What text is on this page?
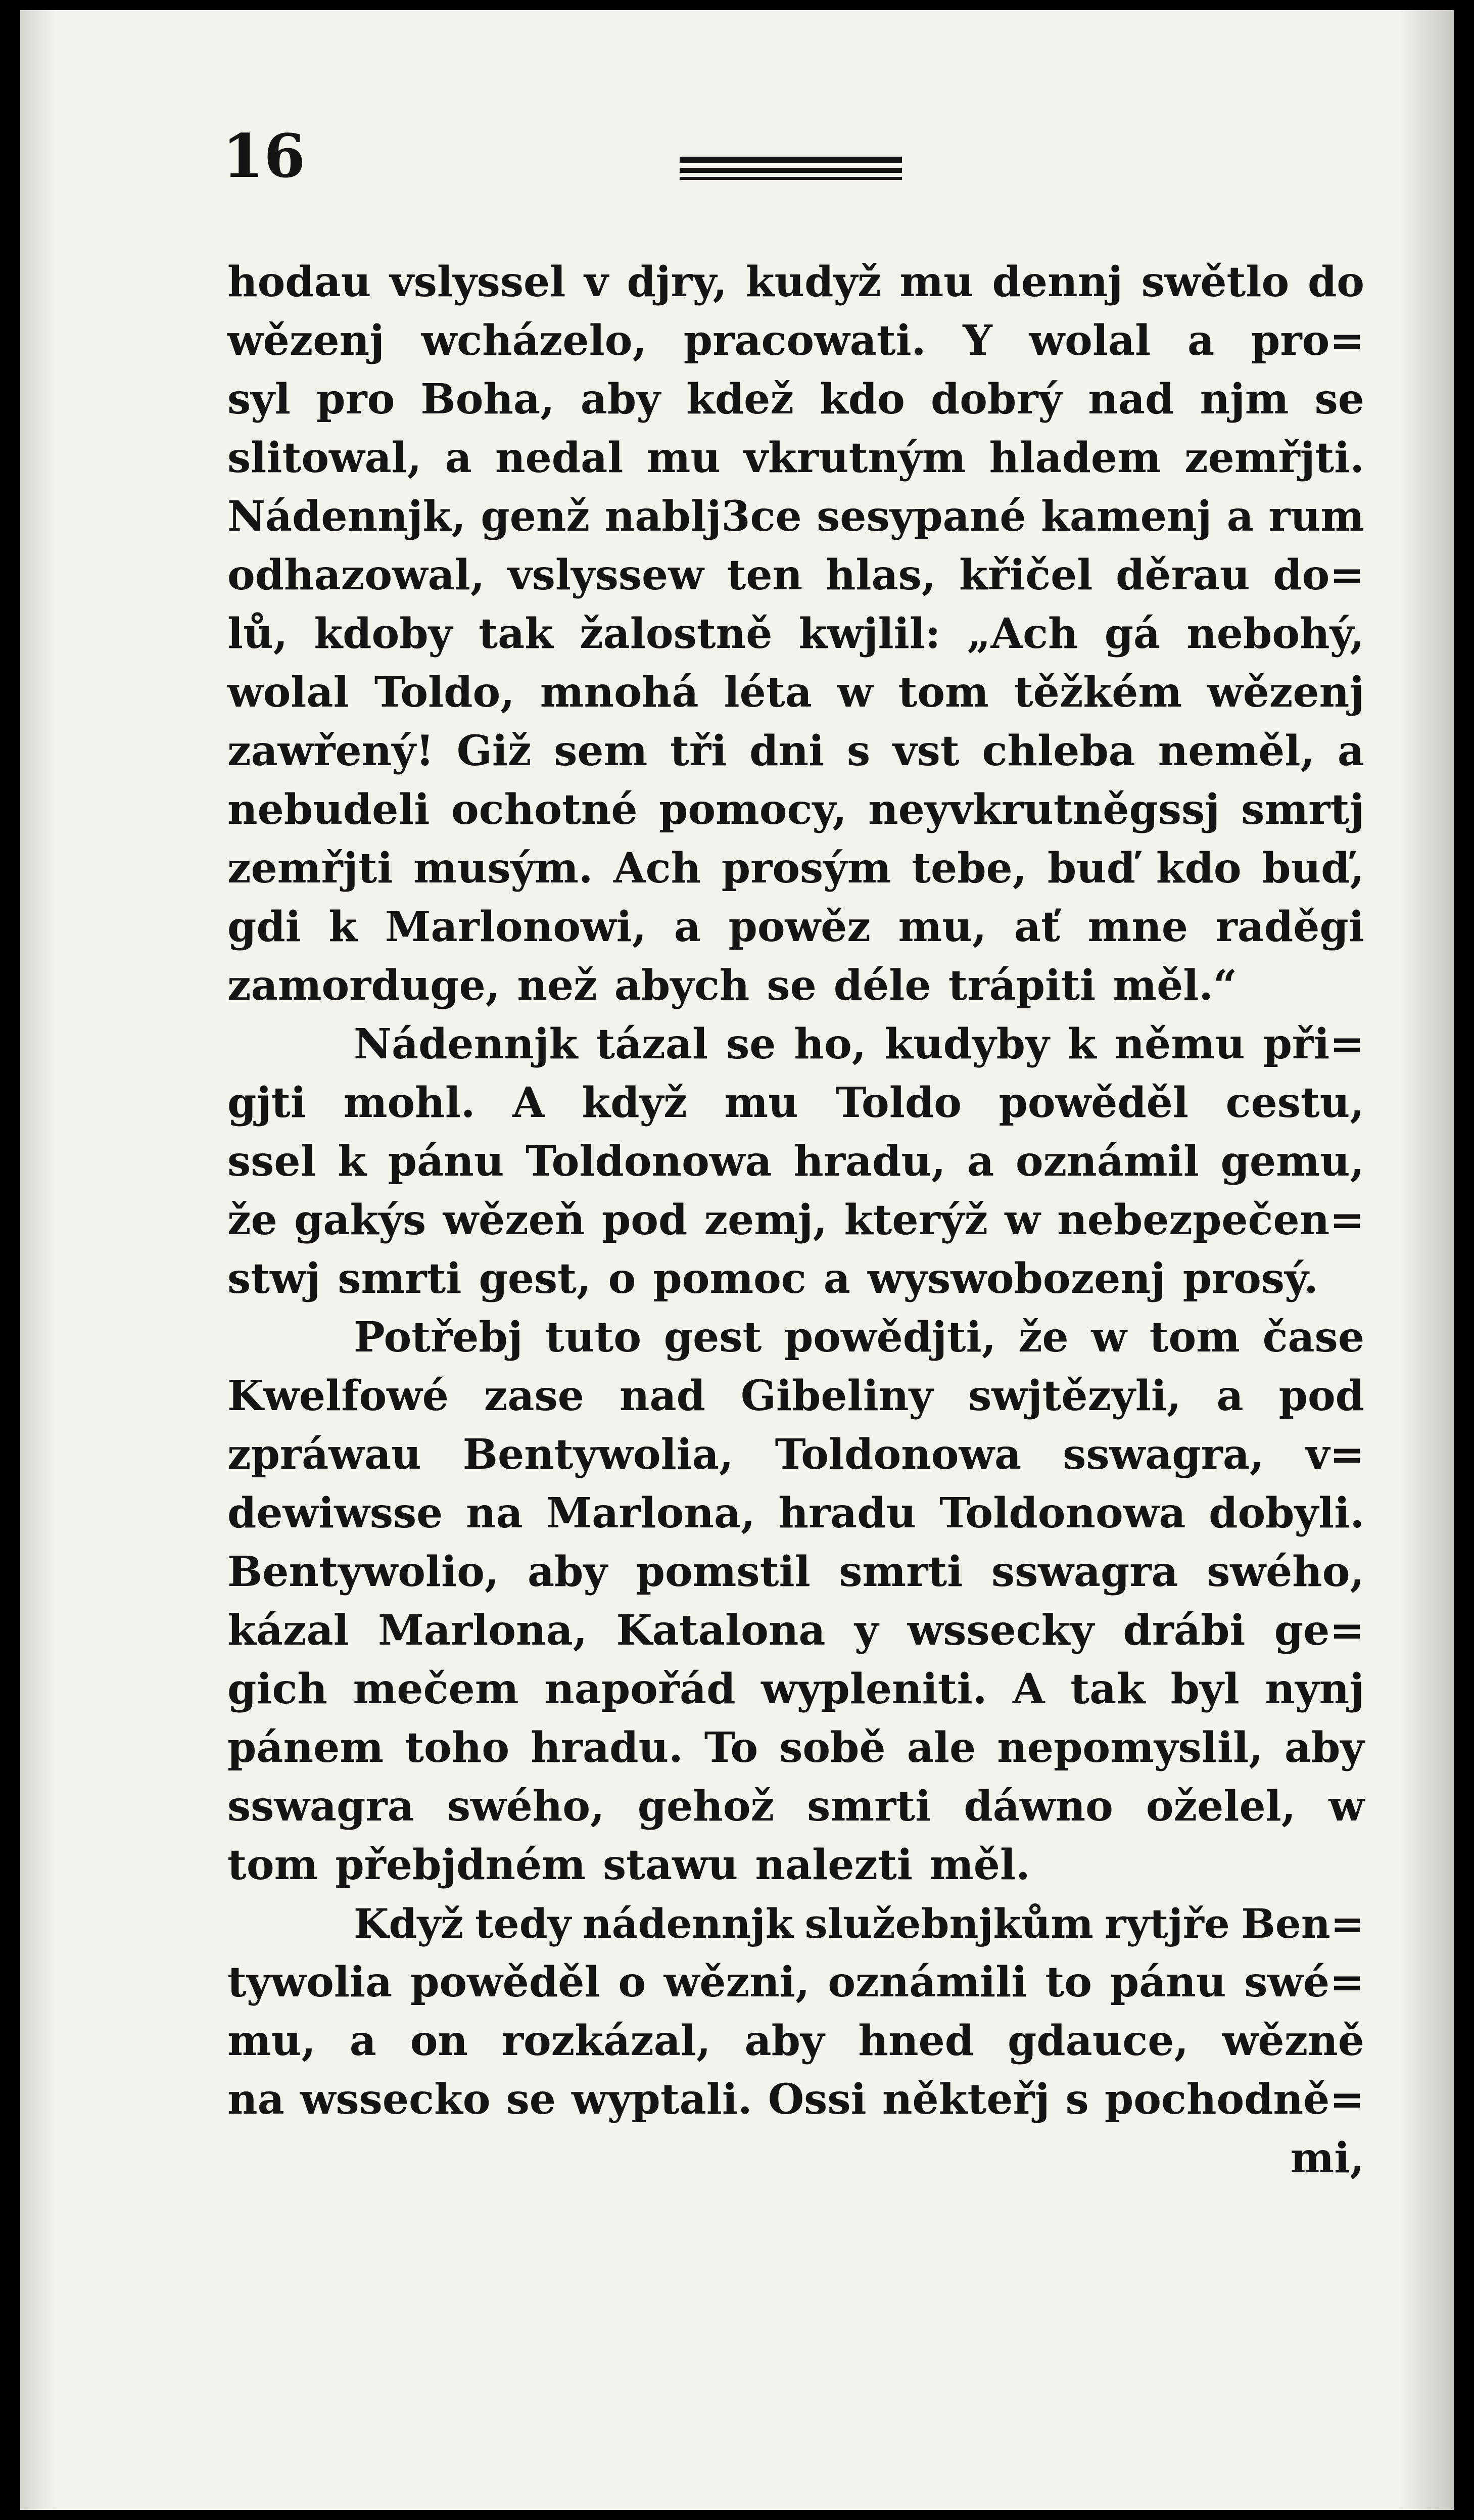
16
hodau vslyssel v djry, kudyž mu dennj swětlo do
wězenj wcházelo, pracowati. Y wolal a pro=
syl pro Boha, aby kdež kdo dobrý nad njm se
slitowal, a nedal mu vkrutným hladem zemřjti.
Nádennjk, genž nablj3ce sesypané kamenj a rum
odhazowal, vslyssew ten hlas, křičel děrau do=
lů, kdoby tak žalostně kwjlil: „Ach gá nebohý,
wolal Toldo, mnohá léta w tom těžkém wězenj
zawřený! Giž sem tři dni s vst chleba neměl, a
nebudeli ochotné pomocy, neyvkrutněgssj smrtj
zemřjti musým. Ach prosým tebe, buď kdo buď,
gdi k Marlonowi, a powěz mu, ať mne raděgi
zamorduge, než abych se déle trápiti měl.“
Nádennjk tázal se ho, kudyby k němu při=
gjti mohl. A když mu Toldo powěděl cestu,
ssel k pánu Toldonowa hradu, a oznámil gemu,
že gakýs wězeň pod zemj, kterýž w nebezpečen=
stwj smrti gest, o pomoc a wyswobozenj prosý.
Potřebj tuto gest powědjti, že w tom čase
Kwelfowé zase nad Gibeliny swjtězyli, a pod
zpráwau Bentywolia, Toldonowa sswagra, v=
dewiwsse na Marlona, hradu Toldonowa dobyli.
Bentywolio, aby pomstil smrti sswagra swého,
kázal Marlona, Katalona y wssecky drábi ge=
gich mečem napořád wypleniti. A tak byl nynj
pánem toho hradu. To sobě ale nepomyslil, aby
sswagra swého, gehož smrti dáwno oželel, w
tom přebjdném stawu nalezti měl.
Když tedy nádennjk služebnjkům rytjře Ben=
tywolia powěděl o wězni, oznámili to pánu swé=
mu, a on rozkázal, aby hned gdauce, wězně
na wssecko se wyptali. Ossi někteřj s pochodně=
mi,
